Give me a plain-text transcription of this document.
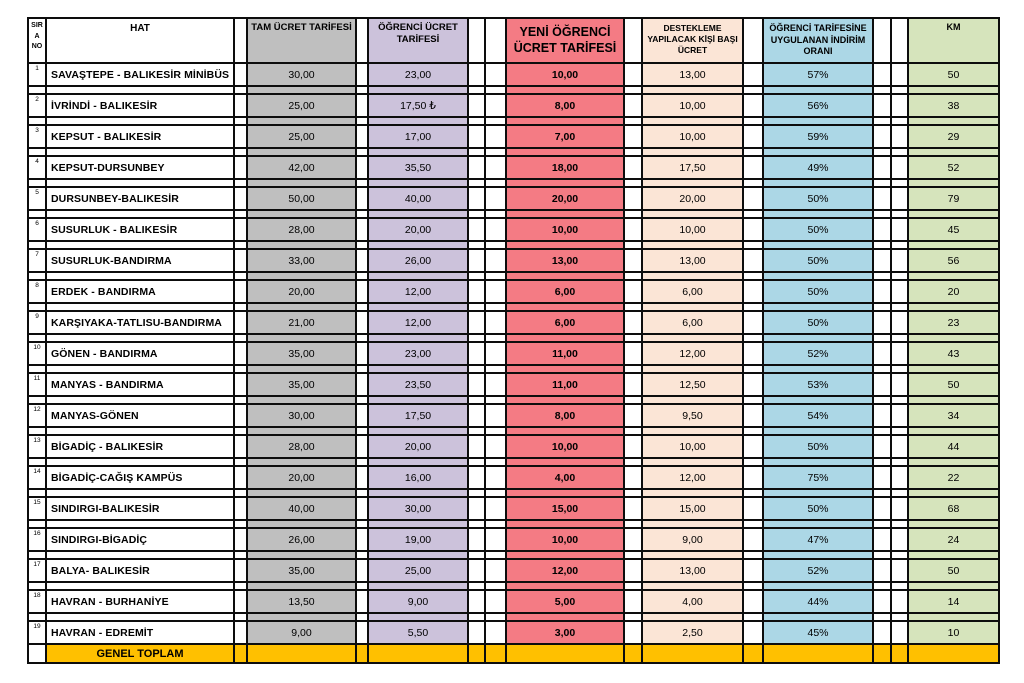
SIR A NO	HAT		TAM ÜCRET TARİFESİ		ÖĞRENCİ ÜCRET TARİFESİ			YENİ ÖĞRENCİ ÜCRET TARİFESİ		DESTEKLEME YAPILACAK KİŞİ BAŞI ÜCRET		ÖĞRENCİ TARİFESİNE UYGULANAN İNDİRİM ORANI			KM
1	SAVAŞTEPE - BALIKESİR MİNİBÜS		30,00		23,00			10,00		13,00		57%			50

2	İVRİNDİ - BALIKESİR		25,00		17,50 ₺			8,00		10,00		56%			38

3	KEPSUT - BALIKESİR		25,00		17,00			7,00		10,00		59%			29

4	KEPSUT-DURSUNBEY		42,00		35,50			18,00		17,50		49%			52

5	DURSUNBEY-BALIKESİR		50,00		40,00			20,00		20,00		50%			79

6	SUSURLUK - BALIKESİR		28,00		20,00			10,00		10,00		50%			45

7	SUSURLUK-BANDIRMA		33,00		26,00			13,00		13,00		50%			56

8	ERDEK - BANDIRMA		20,00		12,00			6,00		6,00		50%			20

9	KARŞIYAKA-TATLISU-BANDIRMA		21,00		12,00			6,00		6,00		50%			23

10	GÖNEN - BANDIRMA		35,00		23,00			11,00		12,00		52%			43

11	MANYAS - BANDIRMA		35,00		23,50			11,00		12,50		53%			50

12	MANYAS-GÖNEN		30,00		17,50			8,00		9,50		54%			34

13	BİGADİÇ - BALIKESİR		28,00		20,00			10,00		10,00		50%			44

14	BİGADİÇ-CAĞIŞ KAMPÜS		20,00		16,00			4,00		12,00		75%			22

15	SINDIRGI-BALIKESİR		40,00		30,00			15,00		15,00		50%			68

16	SINDIRGI-BİGADİÇ		26,00		19,00			10,00		9,00		47%			24

17	BALYA- BALIKESİR		35,00		25,00			12,00		13,00		52%			50

18	HAVRAN - BURHANİYE		13,50		9,00			5,00		4,00		44%			14

19	HAVRAN - EDREMİT		9,00		5,50			3,00		2,50		45%			10
	GENEL TOPLAM														
